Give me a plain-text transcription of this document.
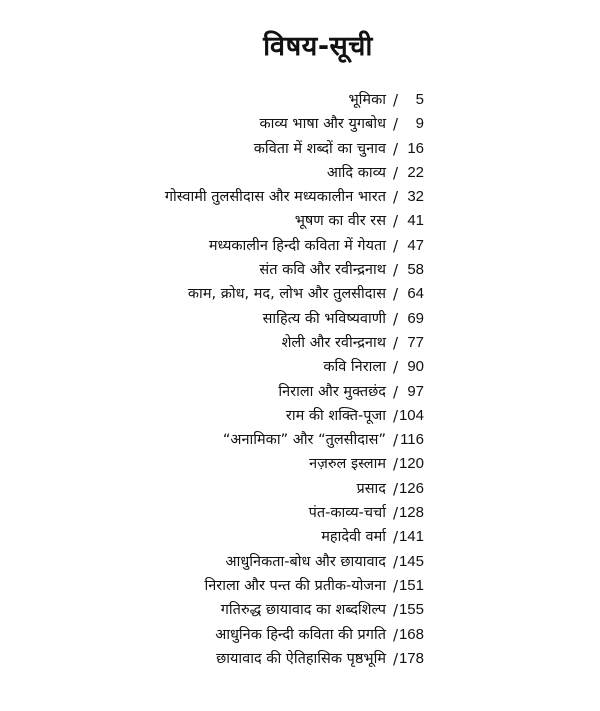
विषय-सूची
भूमिका / 5
काव्य भाषा और युगबोध / 9
कविता में शब्दों का चुनाव / 16
आदि काव्य / 22
गोस्वामी तुलसीदास और मध्यकालीन भारत / 32
भूषण का वीर रस / 41
मध्यकालीन हिन्दी कविता में गेयता / 47
संत कवि और रवीन्द्रनाथ / 58
काम, क्रोध, मद, लोभ और तुलसीदास / 64
साहित्य की भविष्यवाणी / 69
शेली और रवीन्द्रनाथ / 77
कवि निराला / 90
निराला और मुक्तछंद / 97
राम की शक्ति-पूजा / 104
“अनामिका” और “तुलसीदास” / 116
नज़रुल इस्लाम / 120
प्रसाद / 126
पंत-काव्य-चर्चा / 128
महादेवी वर्मा / 141
आधुनिकता-बोध और छायावाद / 145
निराला और पन्त की प्रतीक-योजना / 151
गतिरुद्ध छायावाद का शब्दशिल्प / 155
आधुनिक हिन्दी कविता की प्रगति / 168
छायावाद की ऐतिहासिक पृष्ठभूमि / 178
